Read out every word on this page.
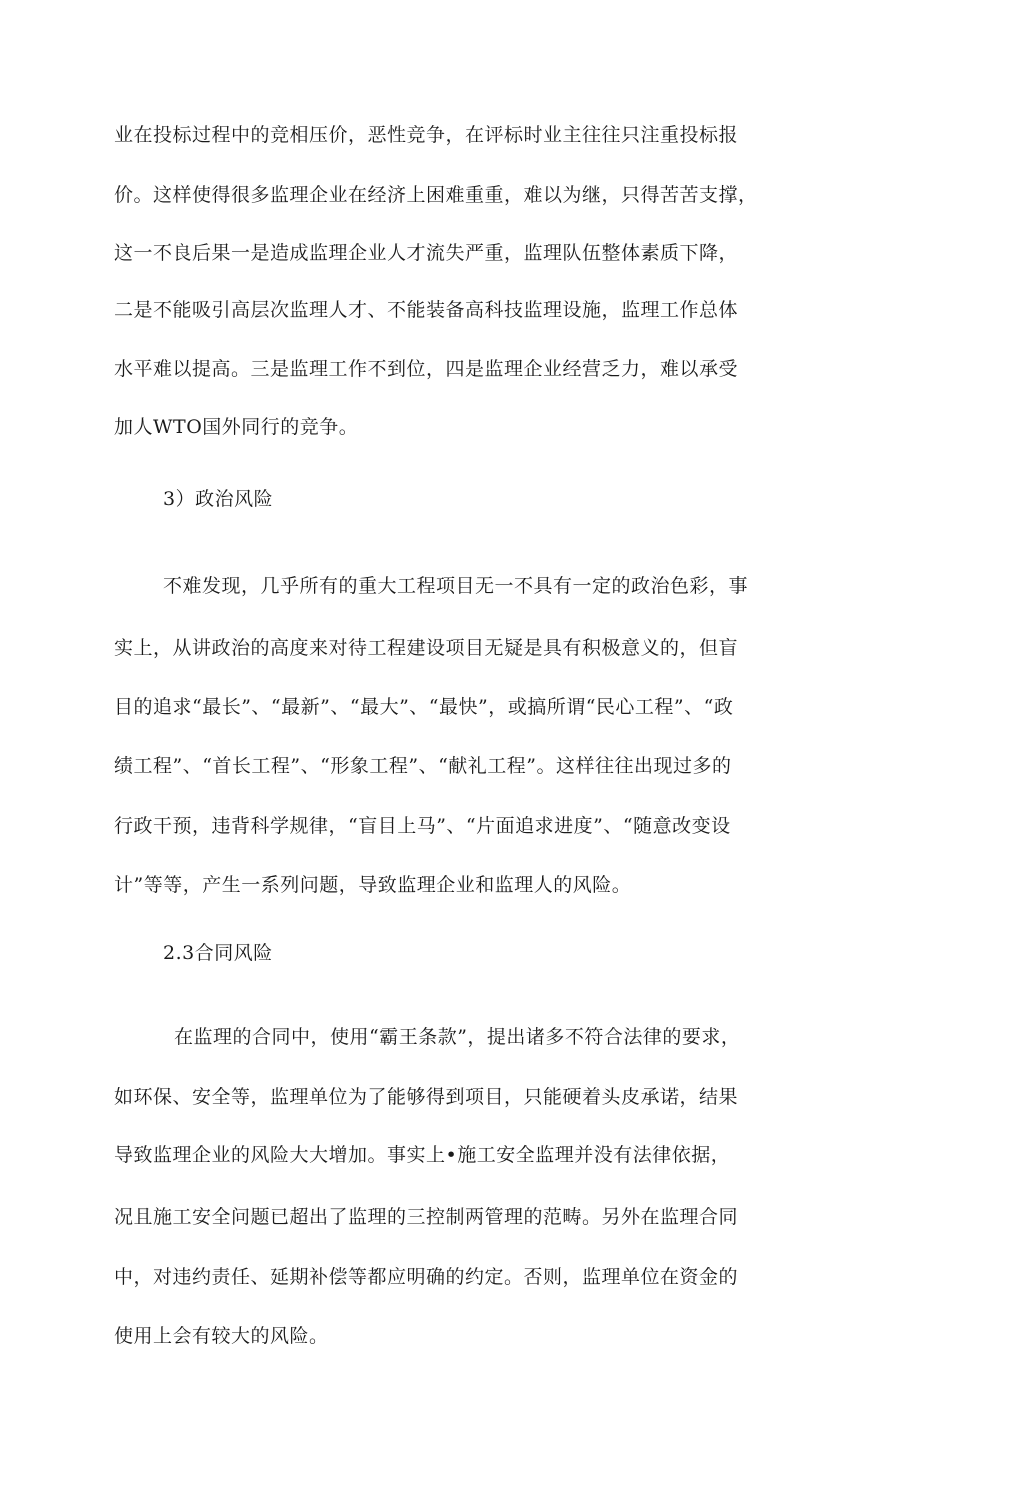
业在投标过程中的竞相压价，恶性竞争，在评标时业主往往只注重投标报
价。这样使得很多监理企业在经济上困难重重，难以为继，只得苦苦支撑，
这一不良后果一是造成监理企业人才流失严重，监理队伍整体素质下降，
二是不能吸引高层次监理人才、不能装备高科技监理设施，监理工作总体
水平难以提高。三是监理工作不到位，四是监理企业经营乏力，难以承受
加人WTO国外同行的竞争。
3）政治风险
不难发现，几乎所有的重大工程项目无一不具有一定的政治色彩，事
实上，从讲政治的高度来对待工程建设项目无疑是具有积极意义的，但盲
目的追求“最长”、“最新”、“最大”、“最快”，或搞所谓“民心工程”、“政
绩工程”、“首长工程”、“形象工程”、“献礼工程”。这样往往出现过多的
行政干预，违背科学规律，“盲目上马”、“片面追求进度”、“随意改变设
计”等等，产生一系列问题，导致监理企业和监理人的风险。
2.3合同风险
在监理的合同中，使用“霸王条款”，提出诸多不符合法律的要求，
如环保、安全等，监理单位为了能够得到项目，只能硬着头皮承诺，结果
导致监理企业的风险大大增加。事实上•施工安全监理并没有法律依据，
况且施工安全问题已超出了监理的三控制两管理的范畴。另外在监理合同
中，对违约责任、延期补偿等都应明确的约定。否则，监理单位在资金的
使用上会有较大的风险。
